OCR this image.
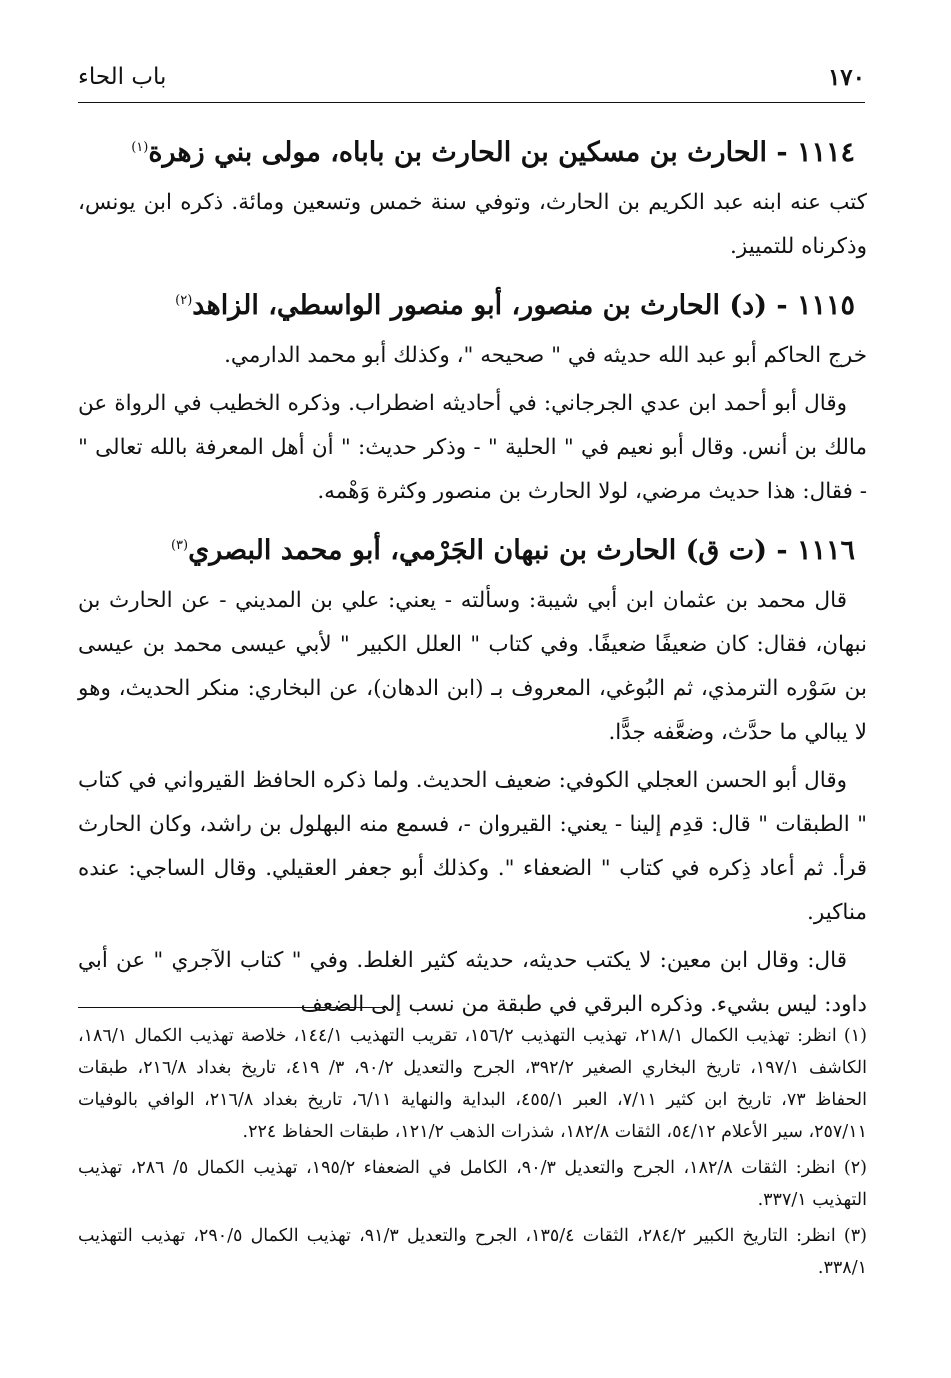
١٧٠
باب الحاء
١١١٤ - الحارث بن مسكين بن الحارث بن باباه، مولى بني زهرة$^{(١)}$

كتب عنه ابنه عبد الكريم بن الحارث، وتوفي سنة خمس وتسعين ومائة. ذكره ابن يونس، وذكرناه للتمييز.

١١١٥ - (د) الحارث بن منصور، أبو منصور الواسطي، الزاهد$^{(٢)}$

خرج الحاكم أبو عبد الله حديثه في " صحيحه "، وكذلك أبو محمد الدارمي.

وقال أبو أحمد ابن عدي الجرجاني: في أحاديثه اضطراب. وذكره الخطيب في الرواة عن مالك بن أنس. وقال أبو نعيم في " الحلية " - وذكر حديث: " أن أهل المعرفة بالله تعالى " - فقال: هذا حديث مرضي، لولا الحارث بن منصور وكثرة وَهْمه.

١١١٦ - (ت ق) الحارث بن نبهان الجَرْمي، أبو محمد البصري$^{(٣)}$

قال محمد بن عثمان ابن أبي شيبة: وسألته - يعني: علي بن المديني - عن الحارث بن نبهان، فقال: كان ضعيفًا ضعيفًا. وفي كتاب " العلل الكبير " لأبي عيسى محمد بن عيسى بن سَوْره الترمذي، ثم البُوغي، المعروف بـ (ابن الدهان)، عن البخاري: منكر الحديث، وهو لا يبالي ما حدَّث، وضعَّفه جدًّا.

وقال أبو الحسن العجلي الكوفي: ضعيف الحديث. ولما ذكره الحافظ القيرواني في كتاب " الطبقات " قال: قدِم إلينا - يعني: القيروان -، فسمع منه البهلول بن راشد، وكان الحارث قرأ. ثم أعاد ذِكره في كتاب " الضعفاء ". وكذلك أبو جعفر العقيلي. وقال الساجي: عنده مناكير.

قال: وقال ابن معين: لا يكتب حديثه، حديثه كثير الغلط. وفي " كتاب الآجري " عن أبي داود: ليس بشيء. وذكره البرقي في طبقة من نسب إلى الضعف

(١) انظر: تهذيب الكمال ٢١٨/١، تهذيب التهذيب ١٥٦/٢، تقريب التهذيب ١٤٤/١، خلاصة تهذيب الكمال ١٨٦/١، الكاشف ١٩٧/١، تاريخ البخاري الصغير ٣٩٢/٢، الجرح والتعديل ٩٠/٢، ٣/ ٤١٩، تاريخ بغداد ٢١٦/٨، طبقات الحفاظ ٧٣، تاريخ ابن كثير ٧/١١، العبر ٤٥٥/١، البداية والنهاية ٦/١١، تاريخ بغداد ٢١٦/٨، الوافي بالوفيات ٢٥٧/١١، سير الأعلام ٥٤/١٢، الثقات ١٨٢/٨، شذرات الذهب ١٢١/٢، طبقات الحفاظ ٢٢٤.

(٢) انظر: الثقات ١٨٢/٨، الجرح والتعديل ٩٠/٣، الكامل في الضعفاء ١٩٥/٢، تهذيب الكمال ٥/ ٢٨٦، تهذيب التهذيب ٣٣٧/١.

(٣) انظر: التاريخ الكبير ٢٨٤/٢، الثقات ١٣٥/٤، الجرح والتعديل ٩١/٣، تهذيب الكمال ٢٩٠/٥، تهذيب التهذيب ٣٣٨/١.
